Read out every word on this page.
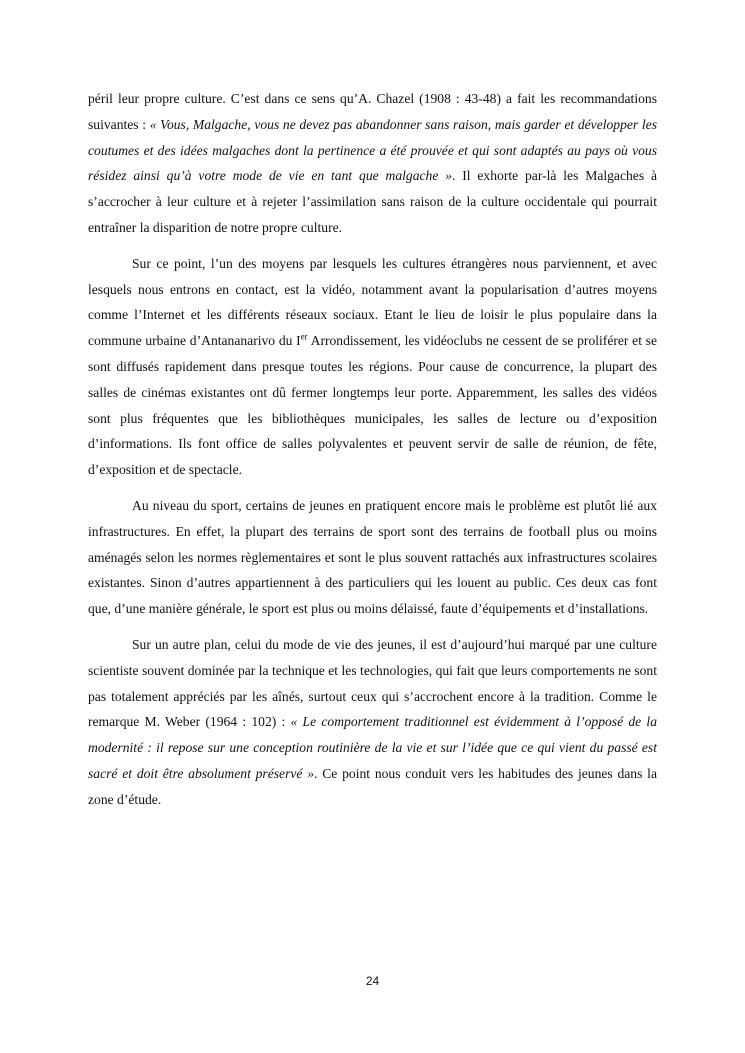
péril leur propre culture. C’est dans ce sens qu’A. Chazel (1908 : 43-48) a fait les recommandations suivantes : « Vous, Malgache, vous ne devez pas abandonner sans raison, mais garder et développer les coutumes et des idées malgaches dont la pertinence a été prouvée et qui sont adaptés au pays où vous résidez ainsi qu’à votre mode de vie en tant que malgache ». Il exhorte par-là les Malgaches à s’accrocher à leur culture et à rejeter l’assimilation sans raison de la culture occidentale qui pourrait entraîner la disparition de notre propre culture.

Sur ce point, l’un des moyens par lesquels les cultures étrangères nous parviennent, et avec lesquels nous entrons en contact, est la vidéo, notamment avant la popularisation d’autres moyens comme l’Internet et les différents réseaux sociaux. Etant le lieu de loisir le plus populaire dans la commune urbaine d’Antananarivo du Ier Arrondissement, les vidéoclubs ne cessent de se proliférer et se sont diffusés rapidement dans presque toutes les régions. Pour cause de concurrence, la plupart des salles de cinémas existantes ont dû fermer longtemps leur porte. Apparemment, les salles des vidéos sont plus fréquentes que les bibliothèques municipales, les salles de lecture ou d’exposition d’informations. Ils font office de salles polyvalentes et peuvent servir de salle de réunion, de fête, d’exposition et de spectacle.

Au niveau du sport, certains de jeunes en pratiquent encore mais le problème est plutôt lié aux infrastructures. En effet, la plupart des terrains de sport sont des terrains de football plus ou moins aménagés selon les normes règlementaires et sont le plus souvent rattachés aux infrastructures scolaires existantes. Sinon d’autres appartiennent à des particuliers qui les louent au public. Ces deux cas font que, d’une manière générale, le sport est plus ou moins délaissé, faute d’équipements et d’installations.

Sur un autre plan, celui du mode de vie des jeunes, il est d’aujourd’hui marqué par une culture scientiste souvent dominée par la technique et les technologies, qui fait que leurs comportements ne sont pas totalement appréciés par les aînés, surtout ceux qui s’accrochent encore à la tradition. Comme le remarque M. Weber (1964 : 102) : « Le comportement traditionnel est évidemment à l’opposé de la modernité : il repose sur une conception routinière de la vie et sur l’idée que ce qui vient du passé est sacré et doit être absolument préservé ». Ce point nous conduit vers les habitudes des jeunes dans la zone d’étude.

24
